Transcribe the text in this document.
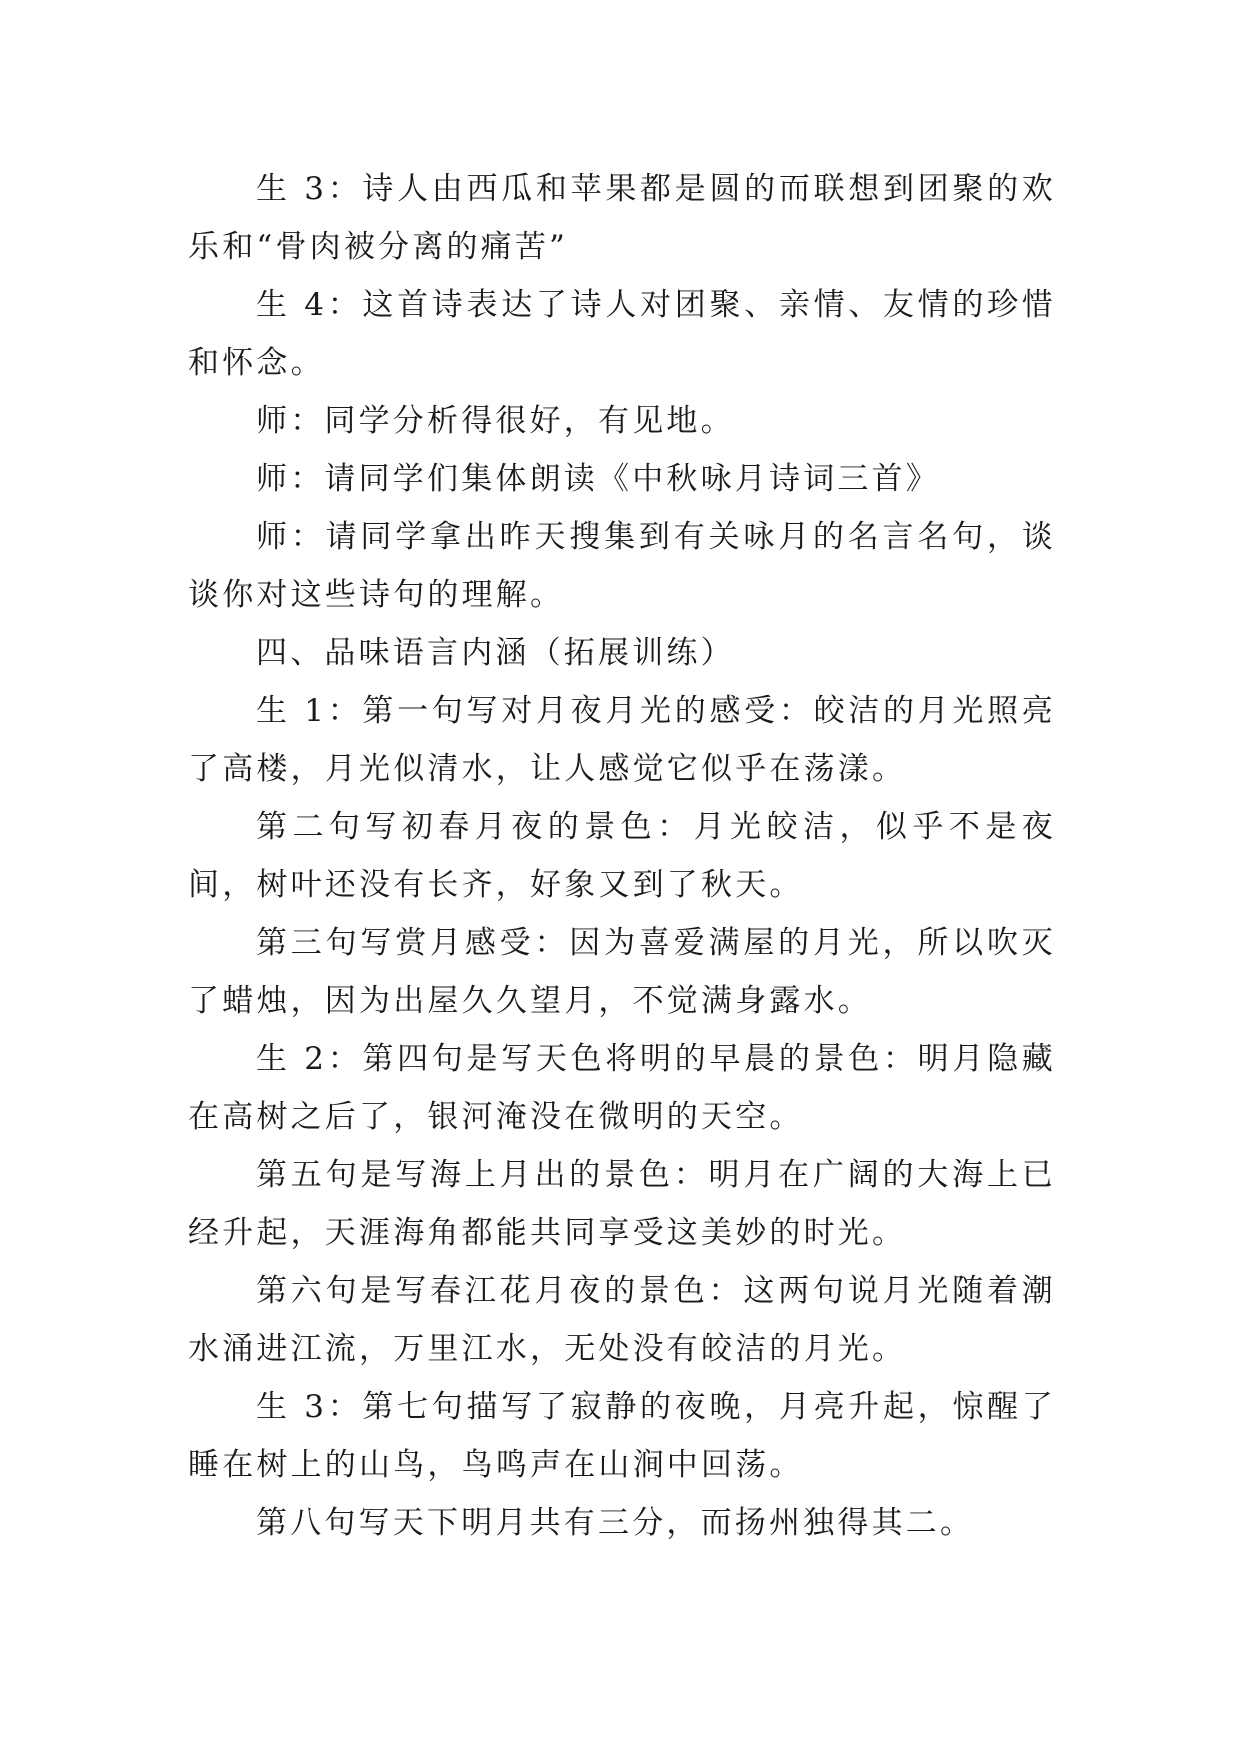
生 3：诗人由西瓜和苹果都是圆的而联想到团聚的欢乐和“骨肉被分离的痛苦”

生 4：这首诗表达了诗人对团聚、亲情、友情的珍惜和怀念。

师：同学分析得很好，有见地。

师：请同学们集体朗读《中秋咏月诗词三首》

师：请同学拿出昨天搜集到有关咏月的名言名句，谈谈你对这些诗句的理解。

四、品味语言内涵（拓展训练）

生 1：第一句写对月夜月光的感受：皎洁的月光照亮了高楼，月光似清水，让人感觉它似乎在荡漾。

第二句写初春月夜的景色：月光皎洁，似乎不是夜间，树叶还没有长齐，好象又到了秋天。

第三句写赏月感受：因为喜爱满屋的月光，所以吹灭了蜡烛，因为出屋久久望月，不觉满身露水。

生 2：第四句是写天色将明的早晨的景色：明月隐藏在高树之后了，银河淹没在微明的天空。

第五句是写海上月出的景色：明月在广阔的大海上已经升起，天涯海角都能共同享受这美妙的时光。

第六句是写春江花月夜的景色：这两句说月光随着潮水涌进江流，万里江水，无处没有皎洁的月光。

生 3：第七句描写了寂静的夜晚，月亮升起，惊醒了睡在树上的山鸟，鸟鸣声在山涧中回荡。

第八句写天下明月共有三分，而扬州独得其二。
